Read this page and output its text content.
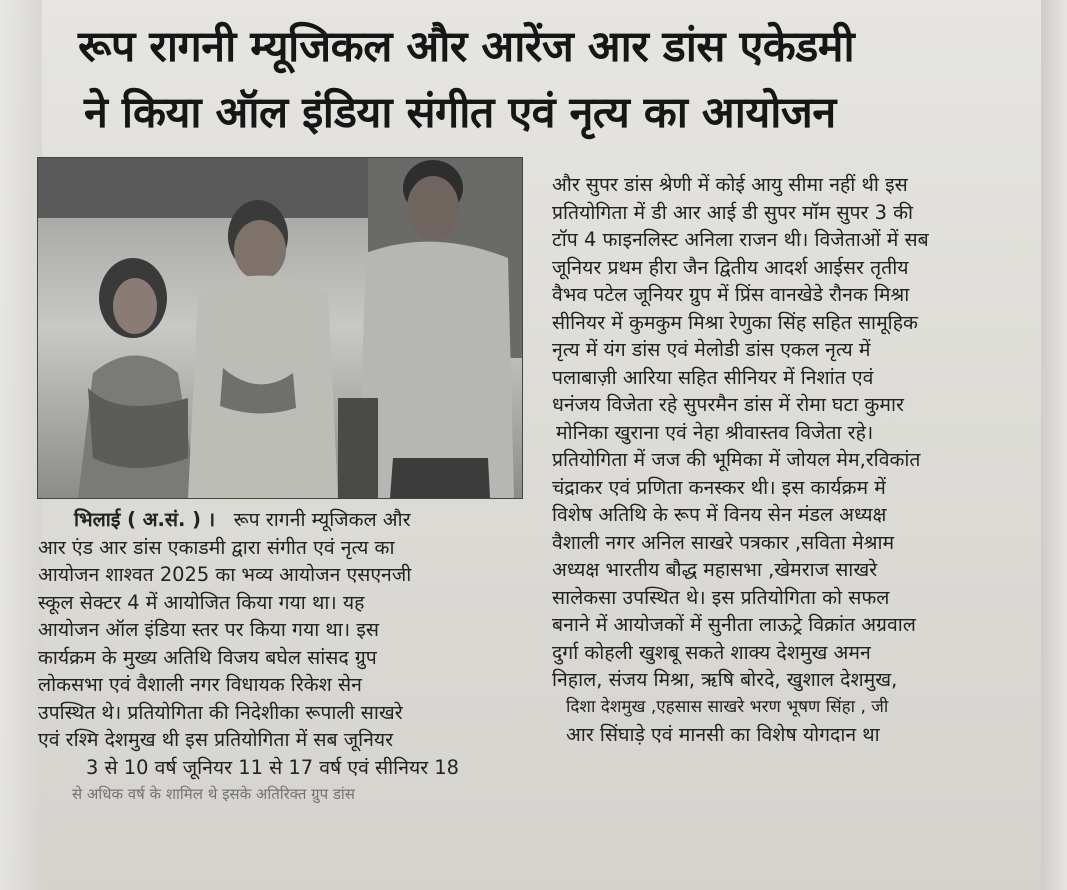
रूप रागनी म्यूजिकल और आरेंज आर डांस एकेडमी
ने किया ऑल इंडिया संगीत एवं नृत्य का आयोजन
भिलाई ( अ.सं. ) । रूप रागनी म्यूजिकल और
आर एंड आर डांस एकाडमी द्वारा संगीत एवं नृत्य का
आयोजन शाश्वत 2025 का भव्य आयोजन एसएनजी
स्कूल सेक्टर 4 में आयोजित किया गया था। यह
आयोजन ऑल इंडिया स्तर पर किया गया था। इस
कार्यक्रम के मुख्य अतिथि विजय बघेल सांसद ग्रुप
लोकसभा एवं वैशाली नगर विधायक रिकेश सेन
उपस्थित थे। प्रतियोगिता की निदेशीका रूपाली साखरे
एवं रश्मि देशमुख थी इस प्रतियोगिता में सब जूनियर
3 से 10 वर्ष जूनियर 11 से 17 वर्ष एवं सीनियर 18
से अधिक वर्ष के शामिल थे इसके अतिरिक्त ग्रुप डांस
और सुपर डांस श्रेणी में कोई आयु सीमा नहीं थी इस
प्रतियोगिता में डी आर आई डी सुपर मॉम सुपर 3 की
टॉप 4 फाइनलिस्ट अनिला राजन थी। विजेताओं में सब
जूनियर प्रथम हीरा जैन द्वितीय आदर्श आईसर तृतीय
वैभव पटेल जूनियर ग्रुप में प्रिंस वानखेडे रौनक मिश्रा
सीनियर में कुमकुम मिश्रा रेणुका सिंह सहित सामूहिक
नृत्य में यंग डांस एवं मेलोडी डांस एकल नृत्य में
पलाबाज़ी आरिया सहित सीनियर में निशांत एवं
धनंजय विजेता रहे सुपरमैन डांस में रोमा घटा कुमार
मोनिका खुराना एवं नेहा श्रीवास्तव विजेता रहे।
प्रतियोगिता में जज की भूमिका में जोयल मेम,रविकांत
चंद्राकर एवं प्रणिता कनस्कर थी। इस कार्यक्रम में
विशेष अतिथि के रूप में विनय सेन मंडल अध्यक्ष
वैशाली नगर अनिल साखरे पत्रकार ,सविता मेश्राम
अध्यक्ष भारतीय बौद्ध महासभा ,खेमराज साखरे
सालेकसा उपस्थित थे। इस प्रतियोगिता को सफल
बनाने में आयोजकों में सुनीता लाऊट्रे विक्रांत अग्रवाल
दुर्गा कोहली खुशबू सकते शाक्य देशमुख अमन
निहाल, संजय मिश्रा, ऋषि बोरदे, खुशाल देशमुख,
दिशा देशमुख ,एहसास साखरे भरण भूषण सिंहा , जी
आर सिंघाड़े एवं मानसी का विशेष योगदान था
